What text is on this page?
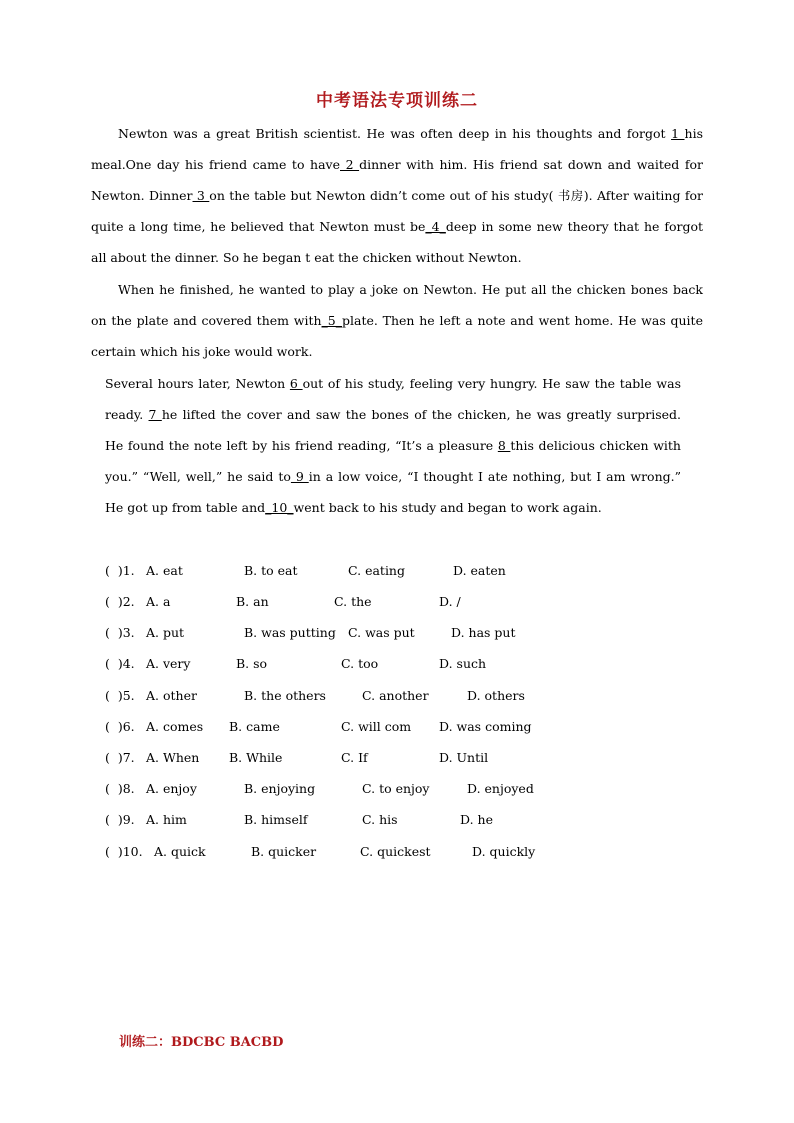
中考语法专项训练二
Newton was a great British scientist. He was often deep in his thoughts and forgot 1 his meal.One day his friend came to have 2 dinner with him. His friend sat down and waited for Newton. Dinner 3 on the table but Newton didn’t come out of his study( 书房). After waiting for quite a long time, he believed that Newton must be_4_deep in some new theory that he forgot all about the dinner. So he began t eat the chicken without Newton.
When he finished, he wanted to play a joke on Newton. He put all the chicken bones back on the plate and covered them with_5_plate. Then he left a note and went home. He was quite certain which his joke would work.
Several hours later, Newton 6 out of his study, feeling very hungry. He saw the table was ready. 7 he lifted the cover and saw the bones of the chicken, he was greatly surprised. He found the note left by his friend reading, “It’s a pleasure 8 this delicious chicken with you.” “Well, well,” he said to 9 in a low voice, “I thought I ate nothing, but I am wrong.” He got up from table and_10_went back to his study and began to work again.
(  )1. A. eat	B. to eat	C. eating	D. eaten
(  )2. A. a	B. an	C. the	D. /
(  )3. A. put	B. was putting C. was put	D. has put
(  )4. A. very	B. so	C. too	D. such
(  )5. A. other	B. the others	C. another	D. others
(  )6. A. comes B. came	C. will com D. was coming
(  )7. A. When B. While	C. If	D. Until
(  )8. A. enjoy	B. enjoying	C. to enjoy	D. enjoyed
(  )9. A. him	B. himself	C. his	D. he
(  )10. A. quick	B. quicker	C. quickest	D. quickly
训练二：BDCBC BACBD
